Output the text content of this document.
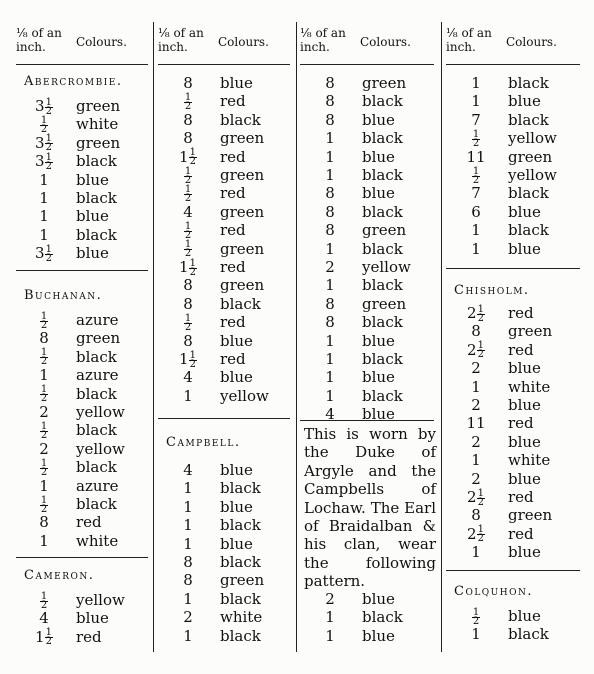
⅛ of an inch.	Colours.
Abercrombie.
$3 \frac{1}{2}$ green
$\frac{1}{2}$ white
$3 \frac{1}{2}$ green
$3 \frac{1}{2}$ black
1	blue
1	black
1	blue
1	black
$3 \frac{1}{2}$ blue
Buchanan.
$\frac{1}{2}$ azure
8	green
$\frac{1}{2}$ black
1	azure
$\frac{1}{2}$ black
2	yellow
$\frac{1}{2}$ black
2	yellow
$\frac{1}{2}$ black
1	azure
$\frac{1}{2}$ black
8	red
1	white
Cameron.
$\frac{1}{2}$ yellow
4	blue
$1 \frac{1}{2}$ red
⅛ of an inch.	Colours.
8	blue
$\frac{1}{2}$ red
8	black
8	green
$1 \frac{1}{2}$ red
$\frac{1}{2}$ green
$\frac{1}{2}$ red
4	green
$\frac{1}{2}$ red
$\frac{1}{2}$ green
$1 \frac{1}{2}$ red
8	green
8	black
$\frac{1}{2}$ red
8	blue
$1 \frac{1}{2}$ red
4	blue
1	yellow
Campbell.
4	blue
1	black
1	blue
1	black
1	blue
8	black
8	green
1	black
2	white
1	black
⅛ of an inch.	Colours.
8	green
8	black
8	blue
1	black
1	blue
1	black
8	blue
8	black
8	green
1	black
2	yellow
1	black
8	green
8	black
1	blue
1	black
1	blue
1	black
4	blue
This is worn by the Duke of Argyle and the Campbells of Lochaw. The Earl of Braidalban & his clan, wear the following pattern.
2	blue
1	black
1	blue
⅛ of an inch.	Colours.
1	black
1	blue
7	black
$\frac{1}{2}$ yellow
11 green
$\frac{1}{2}$ yellow
7	black
6	blue
1	black
1	blue
Chisholm.
$2 \frac{1}{2}$ red
8	green
$2 \frac{1}{2}$ red
2	blue
1	white
2	blue
11 red
2	blue
1	white
2	blue
$2 \frac{1}{2}$ red
8	green
$2 \frac{1}{2}$ red
1	blue
Colquhon.
$\frac{1}{2}$ blue
1	black
